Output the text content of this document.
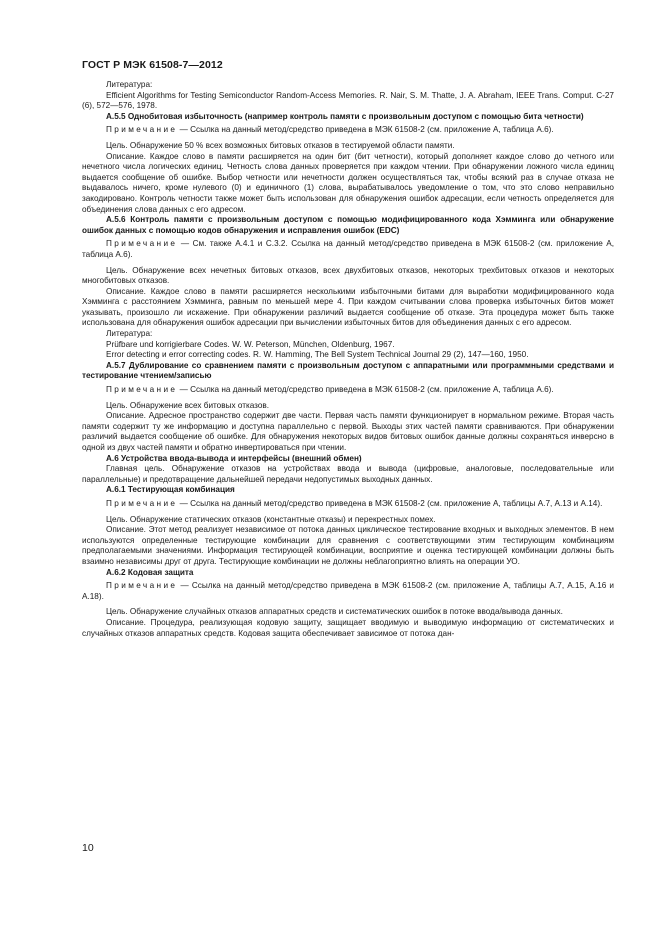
ГОСТ Р МЭК 61508-7—2012

Литература:

Efficient Algorithms for Testing Semiconductor Random-Access Memories. R. Nair, S. M. Thatte, J. A. Abraham, IEEE Trans. Comput. C-27 (6), 572—576, 1978.

А.5.5 Однобитовая избыточность (например контроль памяти с произвольным доступом с помощью бита четности)

Примечание — Ссылка на данный метод/средство приведена в МЭК 61508-2 (см. приложение А, таблица А.6).

Цель. Обнаружение 50 % всех возможных битовых отказов в тестируемой области памяти.

Описание. Каждое слово в памяти расширяется на один бит (бит четности), который дополняет каждое слово до четного или нечетного числа логических единиц. Четность слова данных проверяется при каждом чтении. При обнаружении ложного числа единиц выдается сообщение об ошибке. Выбор четности или нечетности должен осуществляться так, чтобы всякий раз в случае отказа не выдавалось ничего, кроме нулевого (0) и единичного (1) слова, вырабатывалось уведомление о том, что это слово неправильно закодировано. Контроль четности также может быть использован для обнаружения ошибок адресации, если четность определяется для объединения слова данных с его адресом.

А.5.6 Контроль памяти с произвольным доступом с помощью модифицированного кода Хэмминга или обнаружение ошибок данных с помощью кодов обнаружения и исправления ошибок (EDC)

Примечание — См. также А.4.1 и С.3.2. Ссылка на данный метод/средство приведена в МЭК 61508-2 (см. приложение А, таблица А.6).

Цель. Обнаружение всех нечетных битовых отказов, всех двухбитовых отказов, некоторых трехбитовых отказов и некоторых многобитовых отказов.

Описание. Каждое слово в памяти расширяется несколькими избыточными битами для выработки модифицированного кода Хэмминга с расстоянием Хэмминга, равным по меньшей мере 4. При каждом считывании слова проверка избыточных битов может указывать, произошло ли искажение. При обнаружении различий выдается сообщение об отказе. Эта процедура может быть также использована для обнаружения ошибок адресации при вычислении избыточных битов для объединения данных с его адресом.

Литература:

Prüfbare und korrigierbare Codes. W. W. Peterson, München, Oldenburg, 1967.

Error detecting и error correcting codes. R. W. Hamming, The Bell System Technical Journal 29 (2), 147—160, 1950.

А.5.7 Дублирование со сравнением памяти с произвольным доступом с аппаратными или программными средствами и тестирование чтением/записью

Примечание — Ссылка на данный метод/средство приведена в МЭК 61508-2 (см. приложение А, таблица А.6).

Цель. Обнаружение всех битовых отказов.

Описание. Адресное пространство содержит две части. Первая часть памяти функционирует в нормальном режиме. Вторая часть памяти содержит ту же информацию и доступна параллельно с первой. Выходы этих частей памяти сравниваются. При обнаружении различий выдается сообщение об ошибке. Для обнаружения некоторых видов битовых ошибок данные должны сохраняться инверсно в одной из двух частей памяти и обратно инвертироваться при чтении.

А.6 Устройства ввода-вывода и интерфейсы (внешний обмен)

Главная цель. Обнаружение отказов на устройствах ввода и вывода (цифровые, аналоговые, последовательные или параллельные) и предотвращение дальнейшей передачи недопустимых выходных данных.

А.6.1 Тестирующая комбинация

Примечание — Ссылка на данный метод/средство приведена в МЭК 61508-2 (см. приложение А, таблицы А.7, А.13 и А.14).

Цель. Обнаружение статических отказов (константные отказы) и перекрестных помех.

Описание. Этот метод реализует независимое от потока данных циклическое тестирование входных и выходных элементов. В нем используются определенные тестирующие комбинации для сравнения с соответствующими этим тестирующим комбинациям предполагаемыми значениями. Информация тестирующей комбинации, восприятие и оценка тестирующей комбинации должны быть взаимно независимы друг от друга. Тестирующие комбинации не должны неблагоприятно влиять на операции УО.

А.6.2 Кодовая защита

Примечание — Ссылка на данный метод/средство приведена в МЭК 61508-2 (см. приложение А, таблицы А.7, А.15, А.16 и А.18).

Цель. Обнаружение случайных отказов аппаратных средств и систематических ошибок в потоке ввода/вывода данных.

Описание. Процедура, реализующая кодовую защиту, защищает вводимую и выводимую информацию от систематических и случайных отказов аппаратных средств. Кодовая защита обеспечивает зависимое от потока дан-

10
